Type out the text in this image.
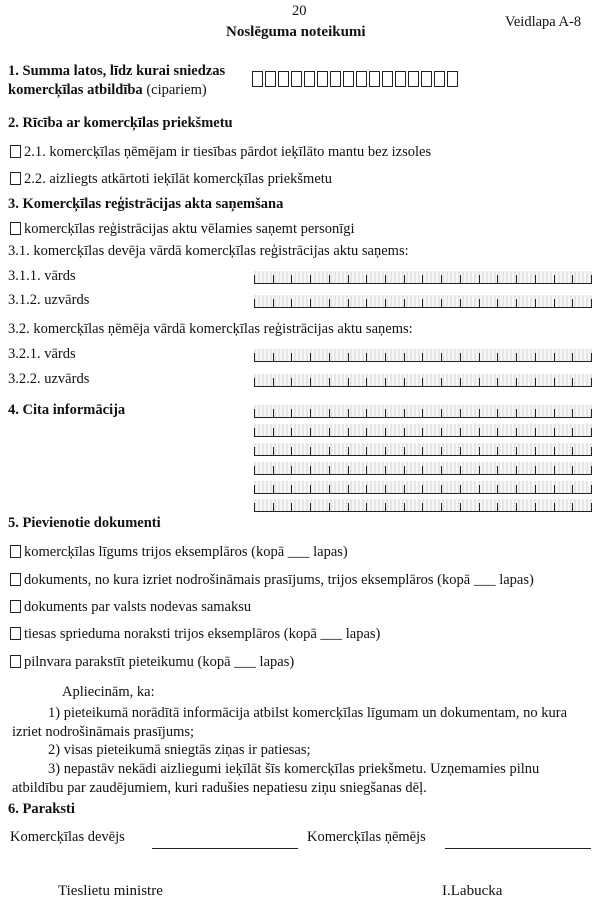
20
Veidlapa A-8
Noslēguma noteikumi
1. Summa latos, līdz kurai sniedzas
komercķīlas atbildība (cipariem)
2. Rīcība ar komercķīlas priekšmetu
2.1. komercķīlas ņēmējam ir tiesības pārdot ieķīlāto mantu bez izsoles
2.2. aizliegts atkārtoti ieķīlāt komercķīlas priekšmetu
3. Komercķīlas reģistrācijas akta saņemšana
komercķīlas reģistrācijas aktu vēlamies saņemt personīgi
3.1. komercķīlas devēja vārdā komercķīlas reģistrācijas aktu saņems:
3.1.1. vārds
3.1.2. uzvārds
3.2. komercķīlas ņēmēja vārdā komercķīlas reģistrācijas aktu saņems:
3.2.1. vārds
3.2.2. uzvārds
4. Cita informācija
5. Pievienotie dokumenti
komercķīlas līgums trijos eksemplāros (kopā ___ lapas)
dokuments, no kura izriet nodrošināmais prasījums, trijos eksemplāros (kopā ___ lapas)
dokuments par valsts nodevas samaksu
tiesas sprieduma noraksti trijos eksemplāros (kopā ___ lapas)
pilnvara parakstīt pieteikumu (kopā ___ lapas)
Apliecinām, ka:
1) pieteikumā norādītā informācija atbilst komercķīlas līgumam un dokumentam, no kura izriet nodrošināmais prasījums;
2) visas pieteikumā sniegtās ziņas ir patiesas;
3) nepastāv nekādi aizliegumi ieķīlāt šīs komercķīlas priekšmetu. Uzņemamies pilnu atbildību par zaudējumiem, kuri radušies nepatiesu ziņu sniegšanas dēļ.
6. Paraksti
Komercķīlas devējs	Komercķīlas ņēmējs
Tieslietu ministre	I.Labucka
